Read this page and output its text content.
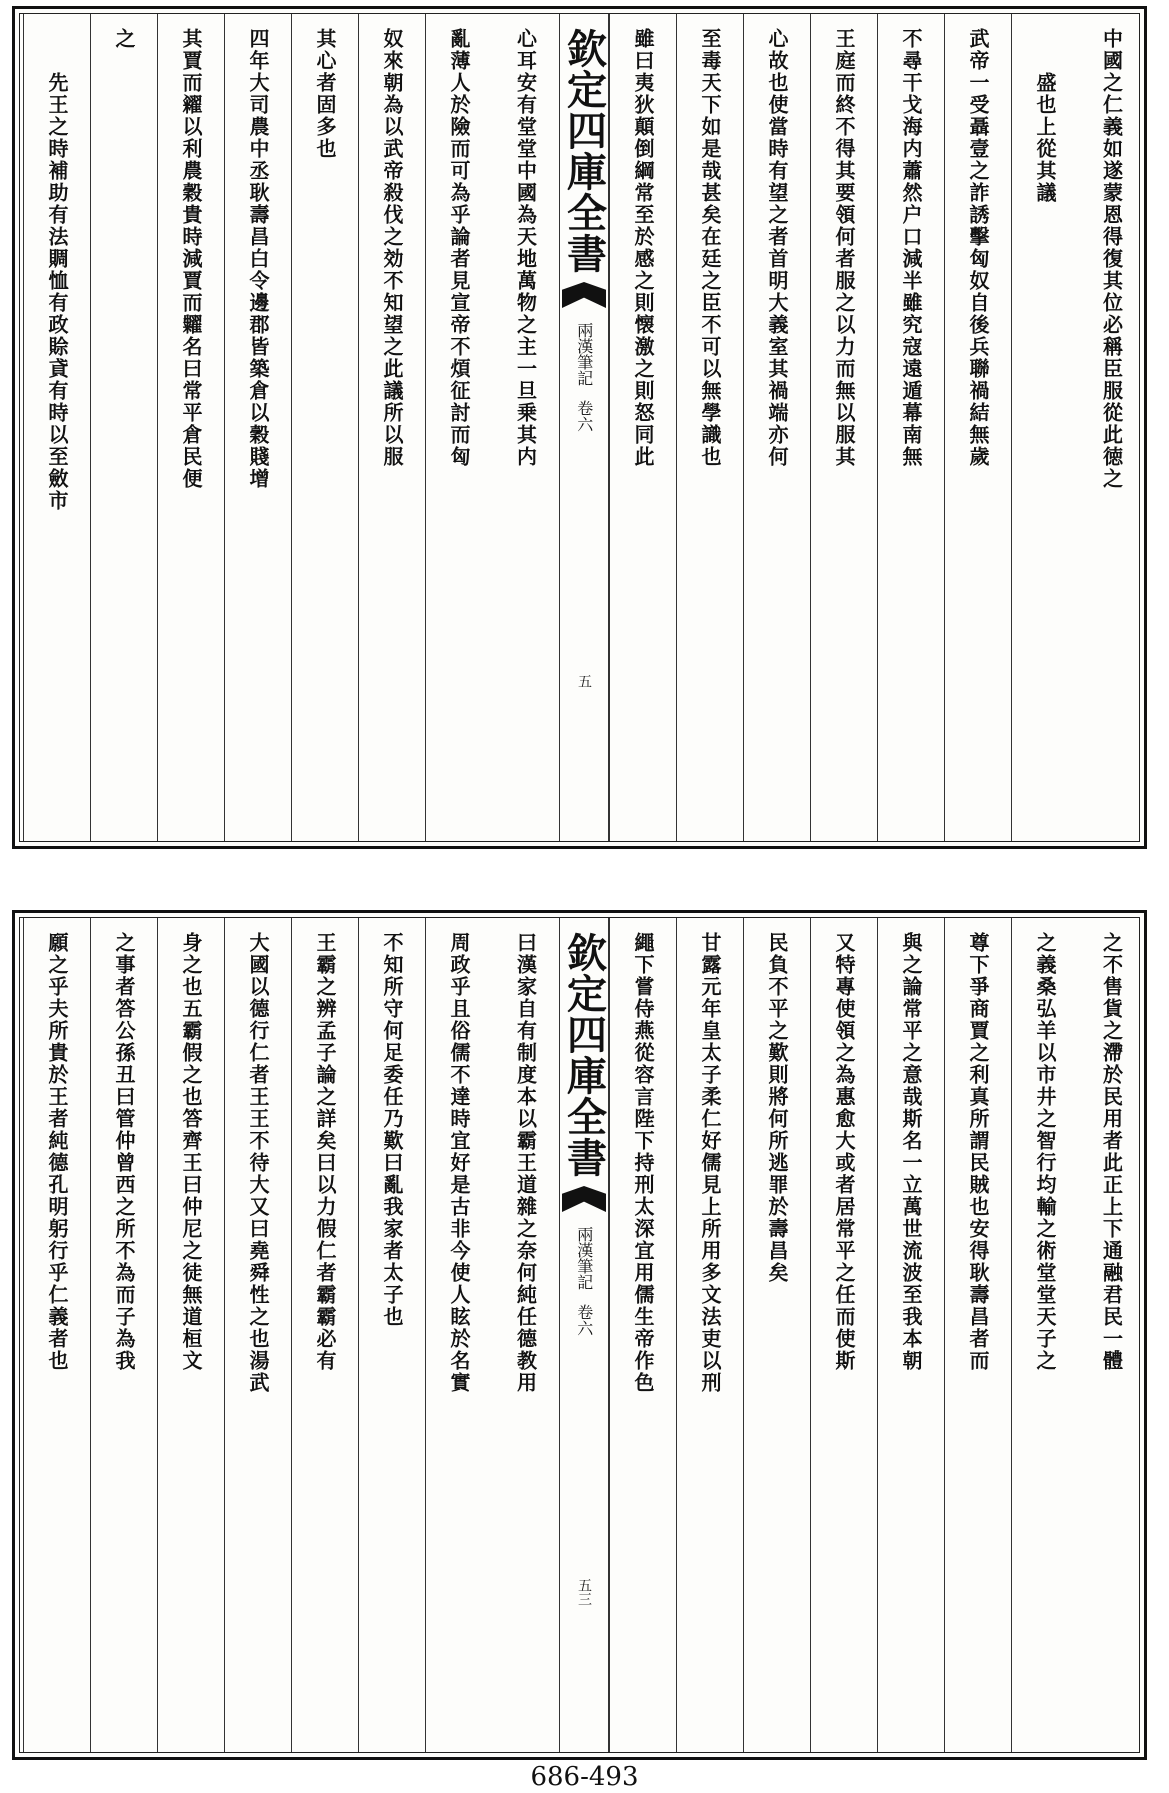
中國之仁義如遂蒙恩得復其位必稱臣服從此徳之
盛也上從其議
武帝一受聶壹之詐誘擊匈奴自後兵聯禍結無歲
不尋干戈海内蕭然户口減半雖究寇遠遁幕南無
王庭而終不得其要領何者服之以力而無以服其
心故也使當時有望之者首明大義室其禍端亦何
至毒天下如是哉甚矣在廷之臣不可以無學識也
雖曰夷狄顛倒綱常至於感之則懐激之則怒同此
欽定四庫全書
兩漢筆記
卷六
五
心耳安有堂堂中國為天地萬物之主一旦乗其内
亂薄人於險而可為乎論者見宣帝不煩征討而匈
奴來朝為以武帝殺伐之効不知望之此議所以服
其心者固多也
四年大司農中丞耿壽昌白令邊郡皆築倉以穀賤增
其賈而糴以利農穀貴時減賈而糶名曰常平倉民便
之
先王之時補助有法賙恤有政賒貣有時以至斂市
之不售貨之滯於民用者此正上下通融君民一體
之義桑弘羊以市井之智行均輸之術堂堂天子之
尊下爭商賈之利真所謂民賊也安得耿壽昌者而
與之論常平之意哉斯名一立萬世流波至我本朝
又特專使領之為惠愈大或者居常平之任而使斯
民負不平之歎則將何所逃罪於壽昌矣
甘露元年皇太子柔仁好儒見上所用多文法吏以刑
繩下嘗侍燕從容言陛下持刑太深宜用儒生帝作色
欽定四庫全書
兩漢筆記
卷六
五三
曰漢家自有制度本以霸王道雜之奈何純任德教用
周政乎且俗儒不達時宜好是古非今使人眩於名實
不知所守何足委任乃歎曰亂我家者太子也
王霸之辨孟子論之詳矣曰以力假仁者霸霸必有
大國以德行仁者王王不待大又曰堯舜性之也湯武
身之也五霸假之也答齊王曰仲尼之徒無道桓文
之事者答公孫丑曰管仲曾西之所不為而子為我
願之乎夫所貴於王者純德孔明躬行乎仁義者也
686-493
